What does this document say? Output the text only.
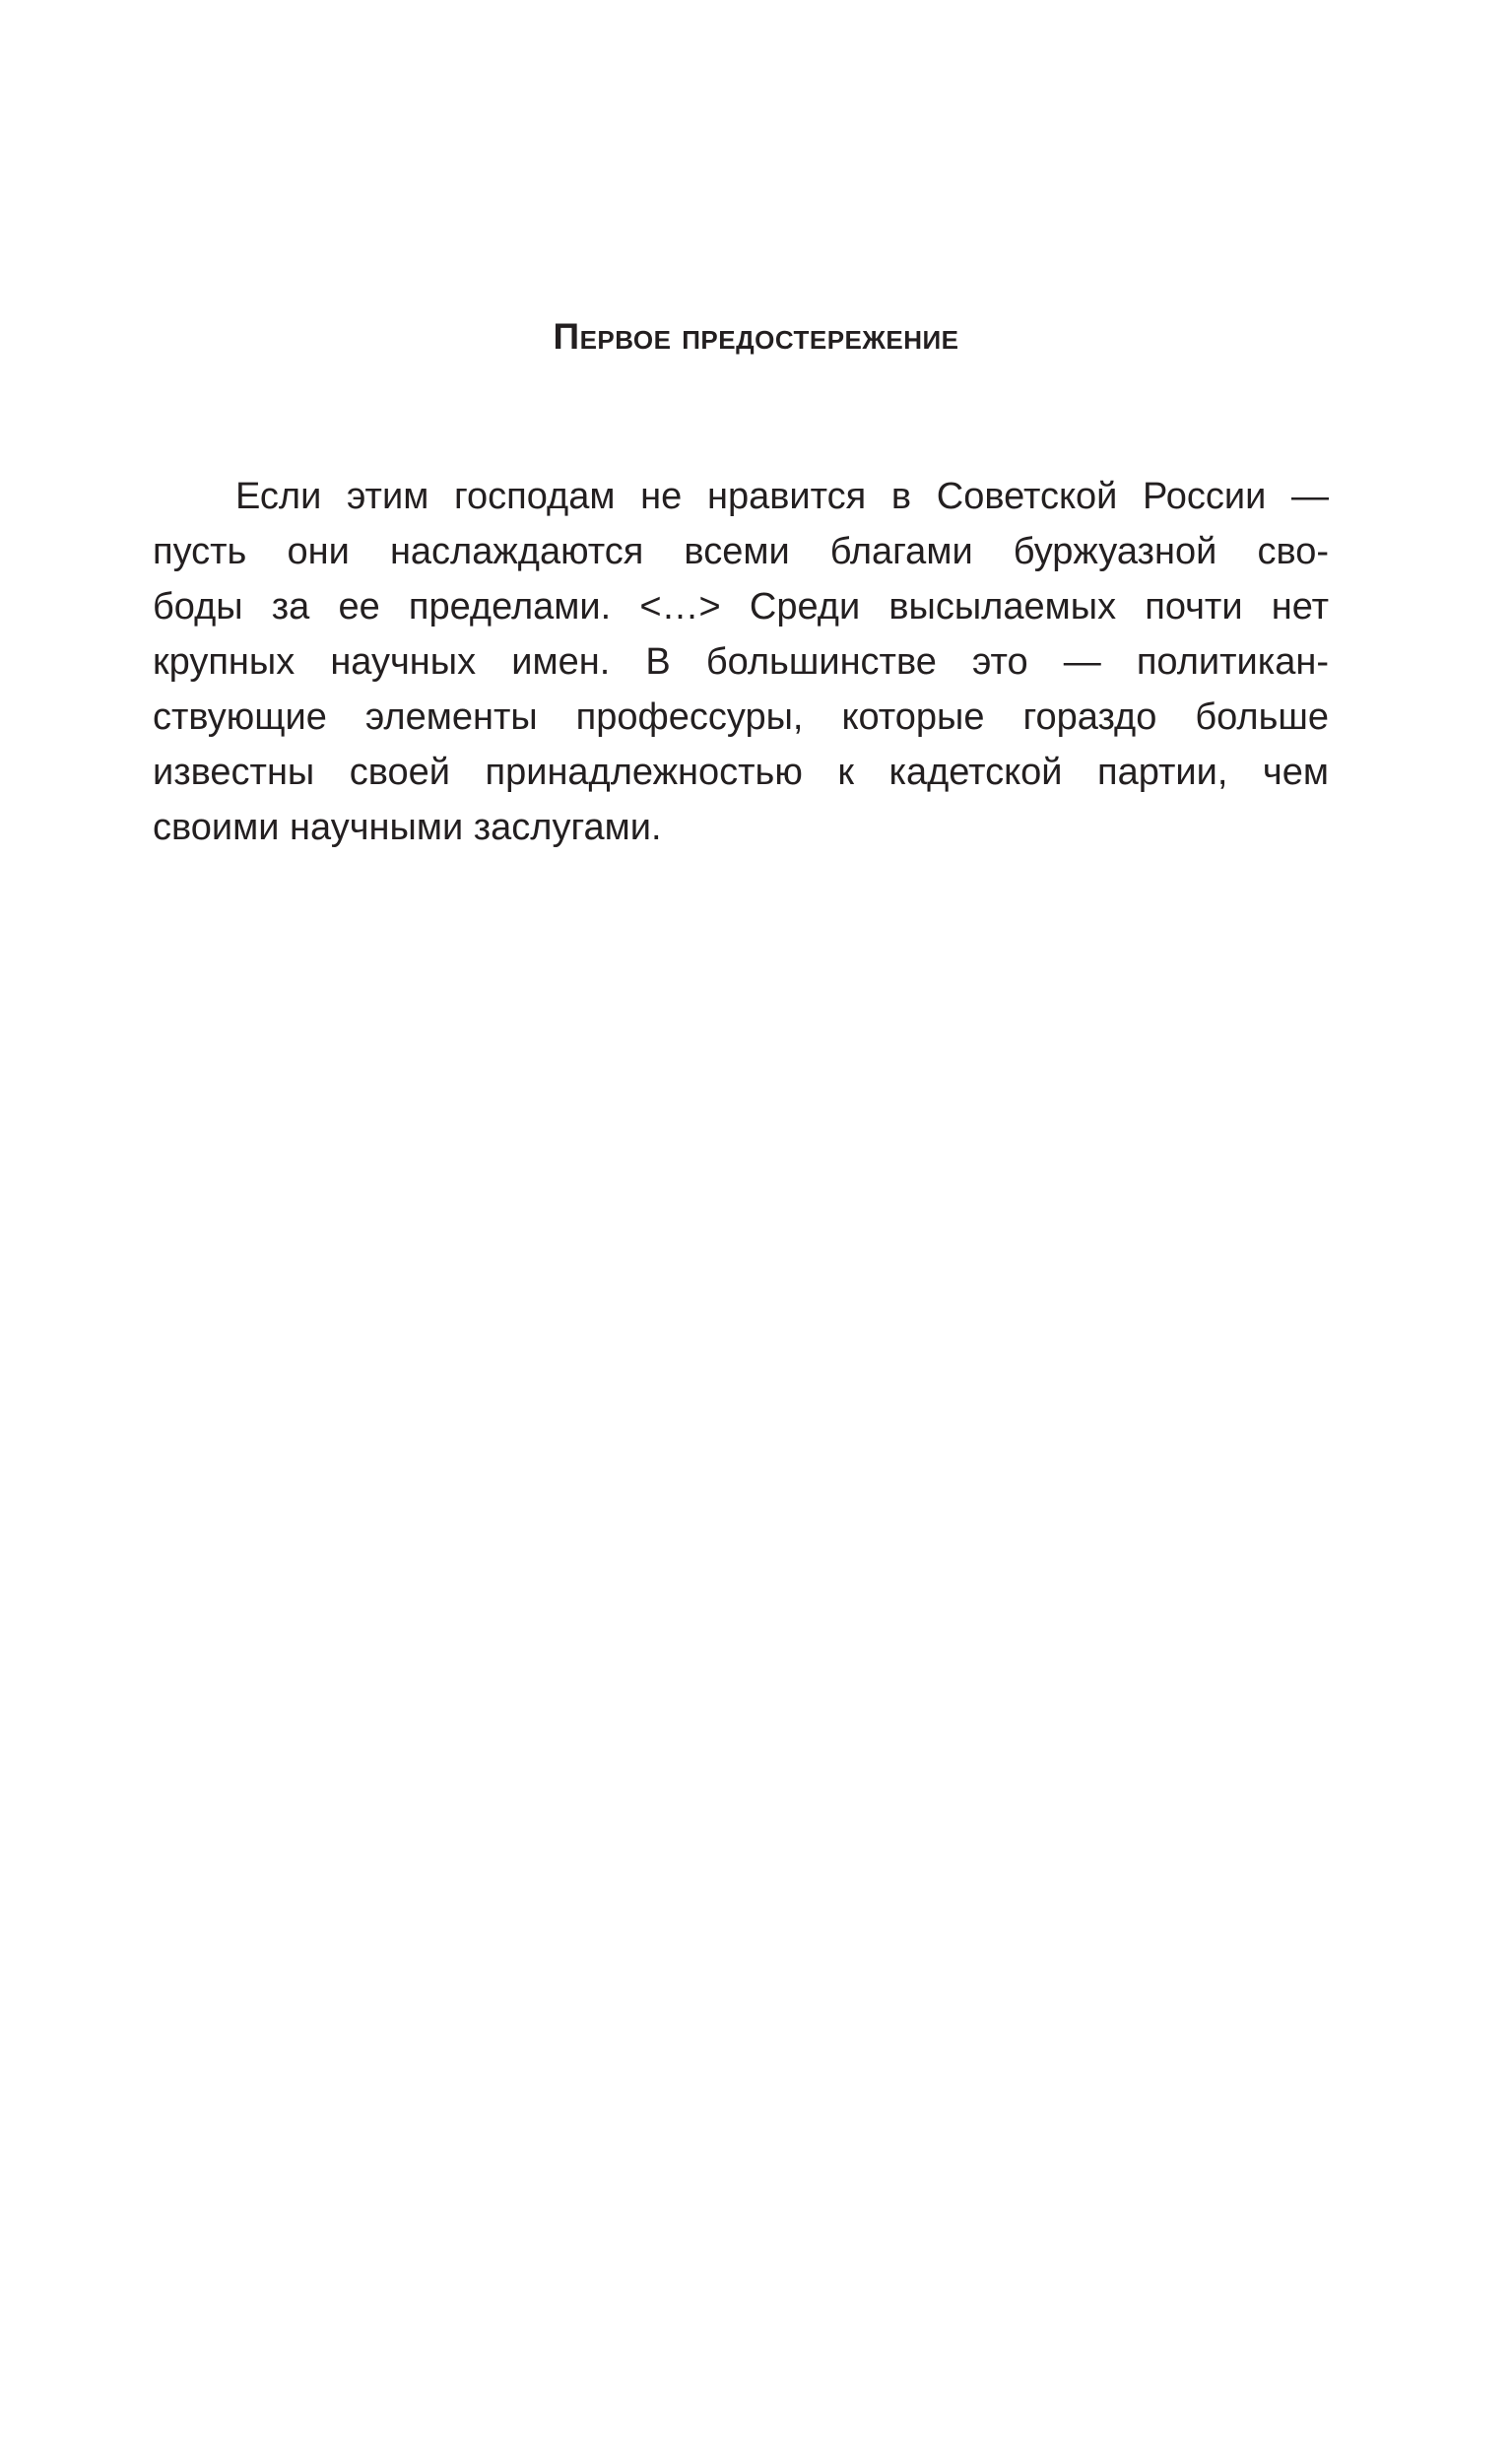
Первое предостережение
Если этим господам не нравится в Советской России —
пусть они наслаждаются всеми благами буржуазной сво-
боды за ее пределами. <…> Среди высылаемых почти нет
крупных научных имен. В большинстве это — политикан-
ствующие элементы профессуры, которые гораздо больше
известны своей принадлежностью к кадетской партии, чем
своими научными заслугами.
